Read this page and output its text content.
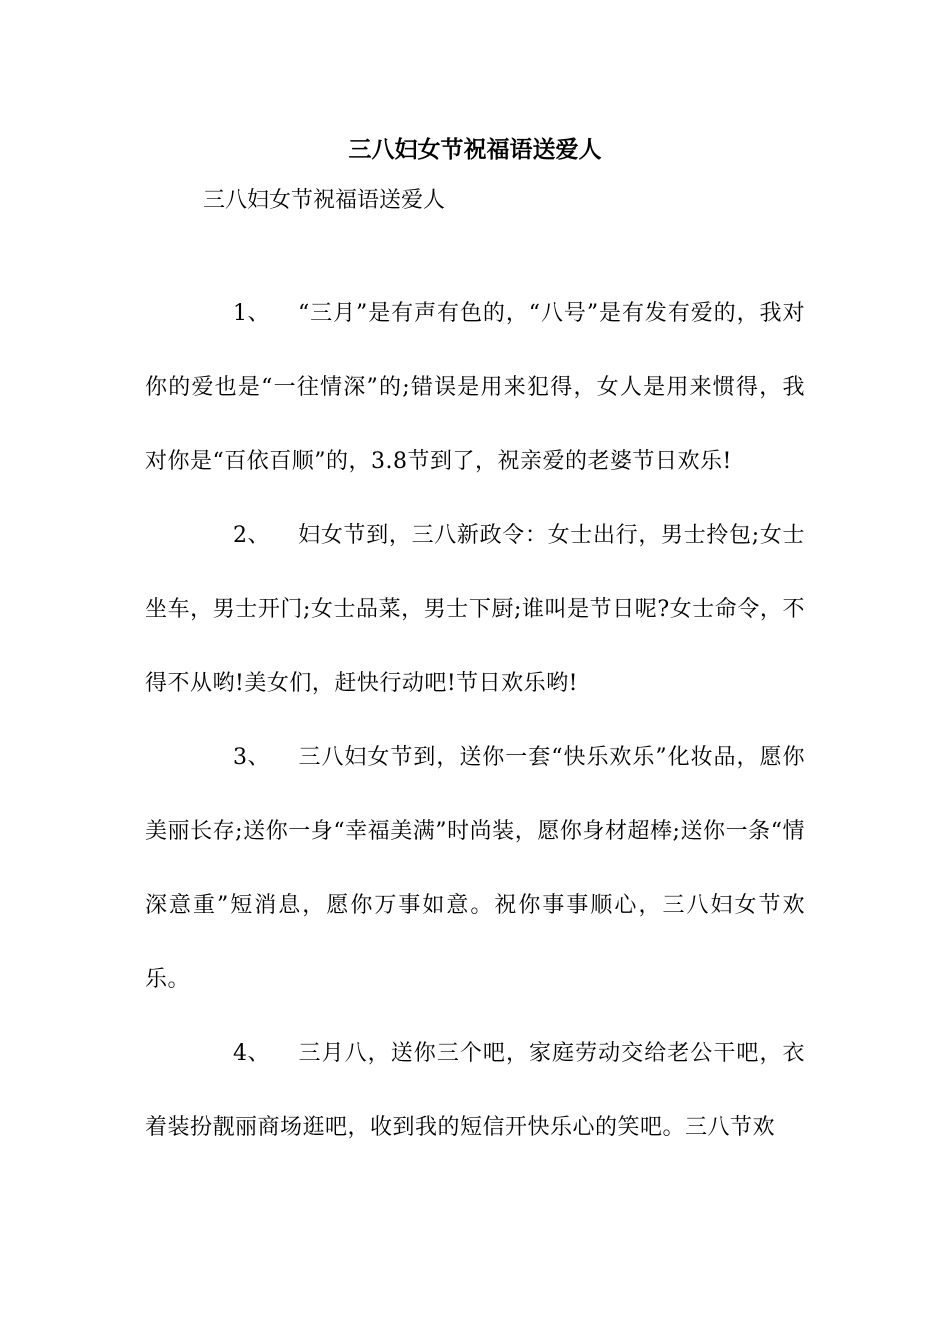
三八妇女节祝福语送爱人

三八妇女节祝福语送爱人

1、 “三月”是有声有色的，“八号”是有发有爱的，我对你的爱也是“一往情深”的;错误是用来犯得，女人是用来惯得，我对你是“百依百顺”的，3.8节到了，祝亲爱的老婆节日欢乐!

2、 妇女节到，三八新政令：女士出行，男士拎包;女士坐车，男士开门;女士品菜，男士下厨;谁叫是节日呢?女士命令，不得不从哟!美女们，赶快行动吧!节日欢乐哟!

3、 三八妇女节到，送你一套“快乐欢乐”化妆品，愿你美丽长存;送你一身“幸福美满”时尚装，愿你身材超棒;送你一条“情深意重”短消息，愿你万事如意。祝你事事顺心，三八妇女节欢乐。

4、 三月八，送你三个吧，家庭劳动交给老公干吧，衣着装扮靓丽商场逛吧，收到我的短信开快乐心的笑吧。三八节欢
